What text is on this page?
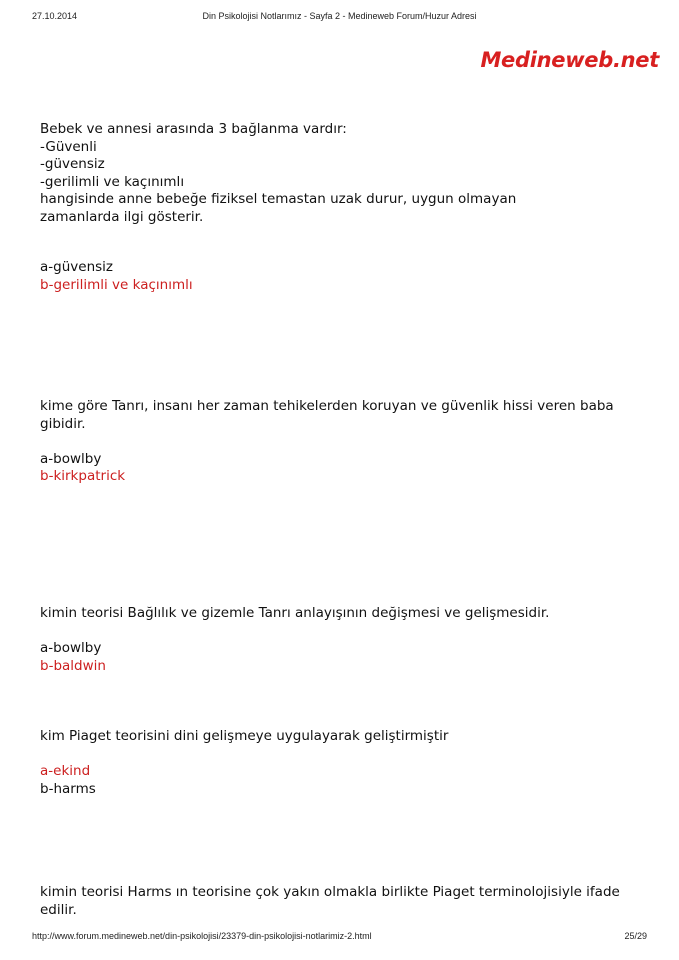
27.10.2014	Din Psikolojisi Notlarımız - Sayfa 2 - Medineweb Forum/Huzur Adresi
Medineweb.net
Bebek ve annesi arasında 3 bağlanma vardır:
-Güvenli
-güvensiz
-gerilimli ve kaçınımlı
hangisinde anne bebeğe fiziksel temastan uzak durur, uygun olmayan zamanlarda ilgi gösterir.
a-güvensiz
b-gerilimli ve kaçınımlı
kime göre Tanrı, insanı her zaman tehikelerden koruyan ve güvenlik hissi veren baba gibidir.
a-bowlby
b-kirkpatrick
kimin teorisi Bağlılık ve gizemle Tanrı anlayışının değişmesi ve gelişmesidir.
a-bowlby
b-baldwin
kim Piaget teorisini dini gelişmeye uygulayarak geliştirmiştir
a-ekind
b-harms
kimin teorisi Harms ın teorisine çok yakın olmakla birlikte Piaget terminolojisiyle ifade edilir.
http://www.forum.medineweb.net/din-psikolojisi/23379-din-psikolojisi-notlarimiz-2.html	25/29
